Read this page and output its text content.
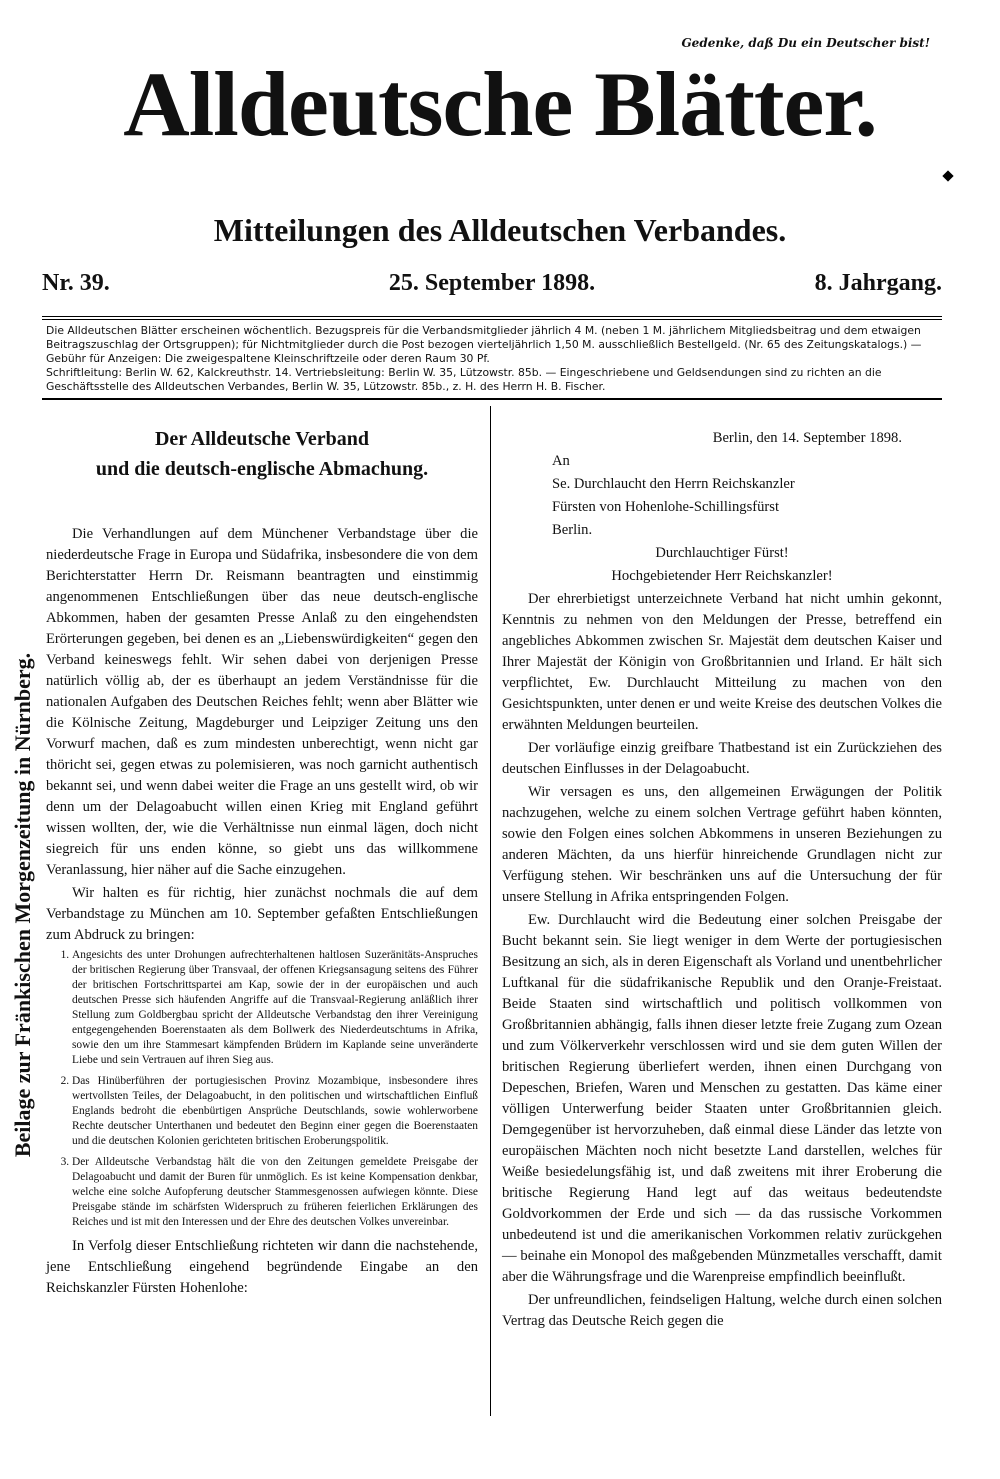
Gedenke, daß Du ein Deutscher bist!
Alldeutsche Blätter.
Mitteilungen des Alldeutschen Verbandes.
Nr. 39.	25. September 1898.	8. Jahrgang.

Die Alldeutschen Blätter erscheinen wöchentlich. Bezugspreis für die Verbandsmitglieder jährlich 4 M. (neben 1 M. jährlichem Mitgliedsbeitrag und dem etwaigen Beitragszuschlag der Ortsgruppen); für Nichtmitglieder durch die Post bezogen vierteljährlich 1,50 M. ausschließlich Bestellgeld. (Nr. 65 des Zeitungskatalogs.) — Gebühr für Anzeigen: Die zweigespaltene Kleinschriftzeile oder deren Raum 30 Pf.

Schriftleitung: Berlin W. 62, Kalckreuthstr. 14. Vertriebsleitung: Berlin W. 35, Lützowstr. 85b. — Eingeschriebene und Geldsendungen sind zu richten an die Geschäftsstelle des Alldeutschen Verbandes, Berlin W. 35, Lützowstr. 85b., z. H. des Herrn H. B. Fischer.

Beilage zur Fränkischen Morgenzeitung in Nürnberg.
Der Alldeutsche Verband
und die deutsch-englische Abmachung.

Die Verhandlungen auf dem Münchener Verbandstage über die niederdeutsche Frage in Europa und Südafrika, insbesondere die von dem Berichterstatter Herrn Dr. Reismann beantragten und einstimmig angenommenen Entschließungen über das neue deutsch-englische Abkommen, haben der gesamten Presse Anlaß zu den eingehendsten Erörterungen gegeben, bei denen es an „Liebenswürdigkeiten“ gegen den Verband keineswegs fehlt. Wir sehen dabei von derjenigen Presse natürlich völlig ab, der es überhaupt an jedem Verständnisse für die nationalen Aufgaben des Deutschen Reiches fehlt; wenn aber Blätter wie die Kölnische Zeitung, Magdeburger und Leipziger Zeitung uns den Vorwurf machen, daß es zum mindesten unberechtigt, wenn nicht gar thöricht sei, gegen etwas zu polemisieren, was noch garnicht authentisch bekannt sei, und wenn dabei weiter die Frage an uns gestellt wird, ob wir denn um der Delagoabucht willen einen Krieg mit England geführt wissen wollten, der, wie die Verhältnisse nun einmal lägen, doch nicht siegreich für uns enden könne, so giebt uns das willkommene Veranlassung, hier näher auf die Sache einzugehen.

Wir halten es für richtig, hier zunächst nochmals die auf dem Verbandstage zu München am 10. September gefaßten Entschließungen zum Abdruck zu bringen:

1. Angesichts des unter Drohungen aufrechterhaltenen haltlosen Suzeränitäts-Anspruches der britischen Regierung über Transvaal, der offenen Kriegsansagung seitens des Führer der britischen Fortschrittspartei am Kap, sowie der in der europäischen und auch deutschen Presse sich häufenden Angriffe auf die Transvaal-Regierung anläßlich ihrer Stellung zum Goldbergbau spricht der Alldeutsche Verbandstag den ihrer Vereinigung entgegengehenden Boerenstaaten als dem Bollwerk des Niederdeutschtums in Afrika, sowie den um ihre Stammesart kämpfenden Brüdern im Kaplande seine unveränderte Liebe und sein Vertrauen auf ihren Sieg aus.
2. Das Hinüberführen der portugiesischen Provinz Mozambique, insbesondere ihres wertvollsten Teiles, der Delagoabucht, in den politischen und wirtschaftlichen Einfluß Englands bedroht die ebenbürtigen Ansprüche Deutschlands, sowie wohlerworbene Rechte deutscher Unterthanen und bedeutet den Beginn einer gegen die Boerenstaaten und die deutschen Kolonien gerichteten britischen Eroberungspolitik.
3. Der Alldeutsche Verbandstag hält die von den Zeitungen gemeldete Preisgabe der Delagoabucht und damit der Buren für unmöglich. Es ist keine Kompensation denkbar, welche eine solche Aufopferung deutscher Stammesgenossen aufwiegen könnte. Diese Preisgabe stände im schärfsten Widerspruch zu früheren feierlichen Erklärungen des Reiches und ist mit den Interessen und der Ehre des deutschen Volkes unvereinbar.

In Verfolg dieser Entschließung richteten wir dann die nachstehende, jene Entschließung eingehend begründende Eingabe an den Reichskanzler Fürsten Hohenlohe:

Berlin, den 14. September 1898.

An

Se. Durchlaucht den Herrn Reichskanzler

Fürsten von Hohenlohe-Schillingsfürst

Berlin.

Durchlauchtiger Fürst!

Hochgebietender Herr Reichskanzler!

Der ehrerbietigst unterzeichnete Verband hat nicht umhin gekonnt, Kenntnis zu nehmen von den Meldungen der Presse, betreffend ein angebliches Abkommen zwischen Sr. Majestät dem deutschen Kaiser und Ihrer Majestät der Königin von Großbritannien und Irland. Er hält sich verpflichtet, Ew. Durchlaucht Mitteilung zu machen von den Gesichtspunkten, unter denen er und weite Kreise des deutschen Volkes die erwähnten Meldungen beurteilen.

Der vorläufige einzig greifbare Thatbestand ist ein Zurückziehen des deutschen Einflusses in der Delagoabucht.

Wir versagen es uns, den allgemeinen Erwägungen der Politik nachzugehen, welche zu einem solchen Vertrage geführt haben könnten, sowie den Folgen eines solchen Abkommens in unseren Beziehungen zu anderen Mächten, da uns hierfür hinreichende Grundlagen nicht zur Verfügung stehen. Wir beschränken uns auf die Untersuchung der für unsere Stellung in Afrika entspringenden Folgen.

Ew. Durchlaucht wird die Bedeutung einer solchen Preisgabe der Bucht bekannt sein. Sie liegt weniger in dem Werte der portugiesischen Besitzung an sich, als in deren Eigenschaft als Vorland und unentbehrlicher Luftkanal für die südafrikanische Republik und den Oranje-Freistaat. Beide Staaten sind wirtschaftlich und politisch vollkommen von Großbritannien abhängig, falls ihnen dieser letzte freie Zugang zum Ozean und zum Völkerverkehr verschlossen wird und sie dem guten Willen der britischen Regierung überliefert werden, ihnen einen Durchgang von Depeschen, Briefen, Waren und Menschen zu gestatten. Das käme einer völligen Unterwerfung beider Staaten unter Großbritannien gleich. Demgegenüber ist hervorzuheben, daß einmal diese Länder das letzte von europäischen Mächten noch nicht besetzte Land darstellen, welches für Weiße besiedelungsfähig ist, und daß zweitens mit ihrer Eroberung die britische Regierung Hand legt auf das weitaus bedeutendste Goldvorkommen der Erde und sich — da das russische Vorkommen unbedeutend ist und die amerikanischen Vorkommen relativ zurückgehen — beinahe ein Monopol des maßgebenden Münzmetalles verschafft, damit aber die Währungsfrage und die Warenpreise empfindlich beeinflußt.

Der unfreundlichen, feindseligen Haltung, welche durch einen solchen Vertrag das Deutsche Reich gegen die
